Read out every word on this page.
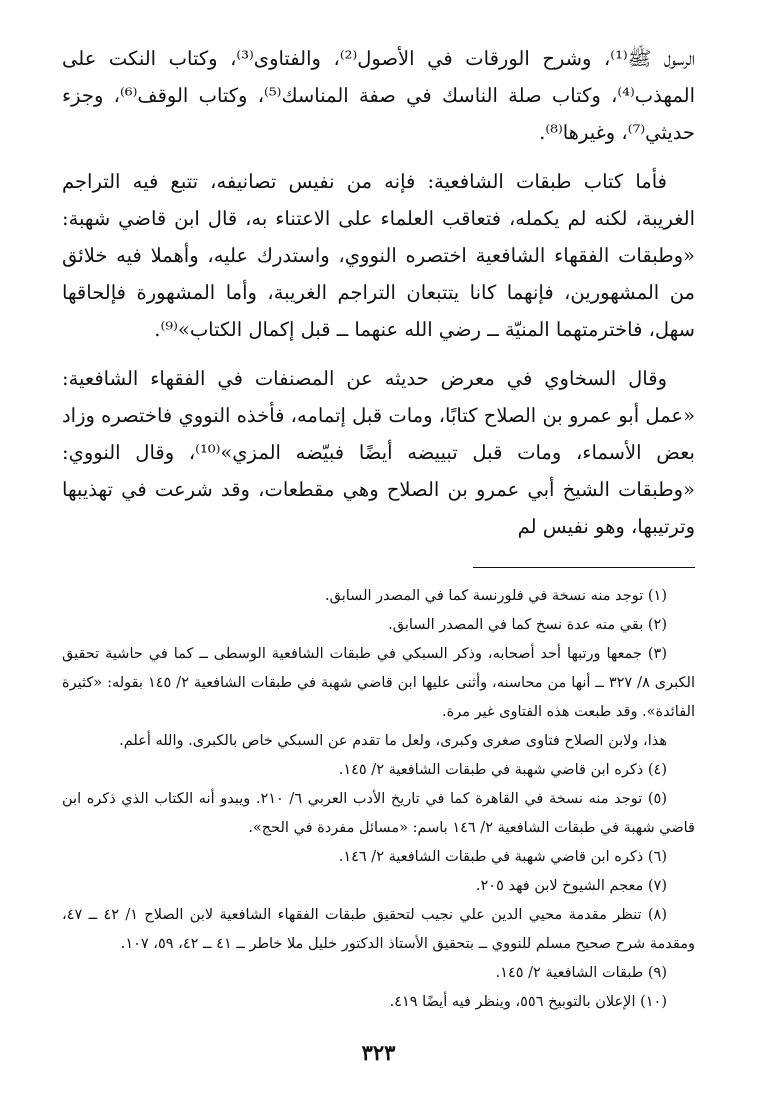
الرسول ﷺ⁽¹⁾، وشرح الورقات في الأصول⁽²⁾، والفتاوى⁽³⁾، وكتاب النكت على المهذب⁽⁴⁾، وكتاب صلة الناسك في صفة المناسك⁽⁵⁾، وكتاب الوقف⁽⁶⁾، وجزء حديثي⁽⁷⁾، وغيرها⁽⁸⁾.

فأما كتاب طبقات الشافعية: فإنه من نفيس تصانيفه، تتبع فيه التراجم الغريبة، لكنه لم يكمله، فتعاقب العلماء على الاعتناء به، قال ابن قاضي شهبة: «وطبقات الفقهاء الشافعية اختصره النووي، واستدرك عليه، وأهملا فيه خلائق من المشهورين، فإنهما كانا يتتبعان التراجم الغريبة، وأما المشهورة فإلحاقها سهل، فاخترمتهما المنيّة ــ رضي الله عنهما ــ قبل إكمال الكتاب»⁽⁹⁾.

وقال السخاوي في معرض حديثه عن المصنفات في الفقهاء الشافعية: «عمل أبو عمرو بن الصلاح كتابًا، ومات قبل إتمامه، فأخذه النووي فاختصره وزاد بعض الأسماء، ومات قبل تبييضه أيضًا فبيّضه المزي»⁽¹⁰⁾، وقال النووي: «وطبقات الشيخ أبي عمرو بن الصلاح وهي مقطعات، وقد شرعت في تهذيبها وترتيبها، وهو نفيس لم

(١) توجد منه نسخة في فلورنسة كما في المصدر السابق.

(٢) بقي منه عدة نسخ كما في المصدر السابق.

(٣) جمعها ورتبها أحد أصحابه، وذكر السبكي في طبقات الشافعية الوسطى ــ كما في حاشية تحقيق الكبرى ٨/ ٣٢٧ ــ أنها من محاسنه، وأثنى عليها ابن قاضي شهبة في طبقات الشافعية ٢/ ١٤٥ بقوله: «كثيرة الفائدة». وقد طبعت هذه الفتاوى غير مرة.

هذا، ولابن الصلاح فتاوى صغرى وكبرى، ولعل ما تقدم عن السبكي خاص بالكبرى. والله أعلم.

(٤) ذكره ابن قاضي شهبة في طبقات الشافعية ٢/ ١٤٥.

(٥) توجد منه نسخة في القاهرة كما في تاريخ الأدب العربي ٦/ ٢١٠. ويبدو أنه الكتاب الذي ذكره ابن قاضي شهبة في طبقات الشافعية ٢/ ١٤٦ باسم: «مسائل مفردة في الحج».

(٦) ذكره ابن قاضي شهبة في طبقات الشافعية ٢/ ١٤٦.

(٧) معجم الشيوخ لابن فهد ٢٠٥.

(٨) تنظر مقدمة محيي الدين علي نجيب لتحقيق طبقات الفقهاء الشافعية لابن الصلاح ١/ ٤٢ ــ ٤٧، ومقدمة شرح صحيح مسلم للنووي ــ بتحقيق الأستاذ الدكتور خليل ملا خاطر ــ ٤١ ــ ٤٢، ٥٩، ١٠٧.

(٩) طبقات الشافعية ٢/ ١٤٥.

(١٠) الإعلان بالتوبيخ ٥٥٦، وينظر فيه أيضًا ٤١٩.

٣٢٣
